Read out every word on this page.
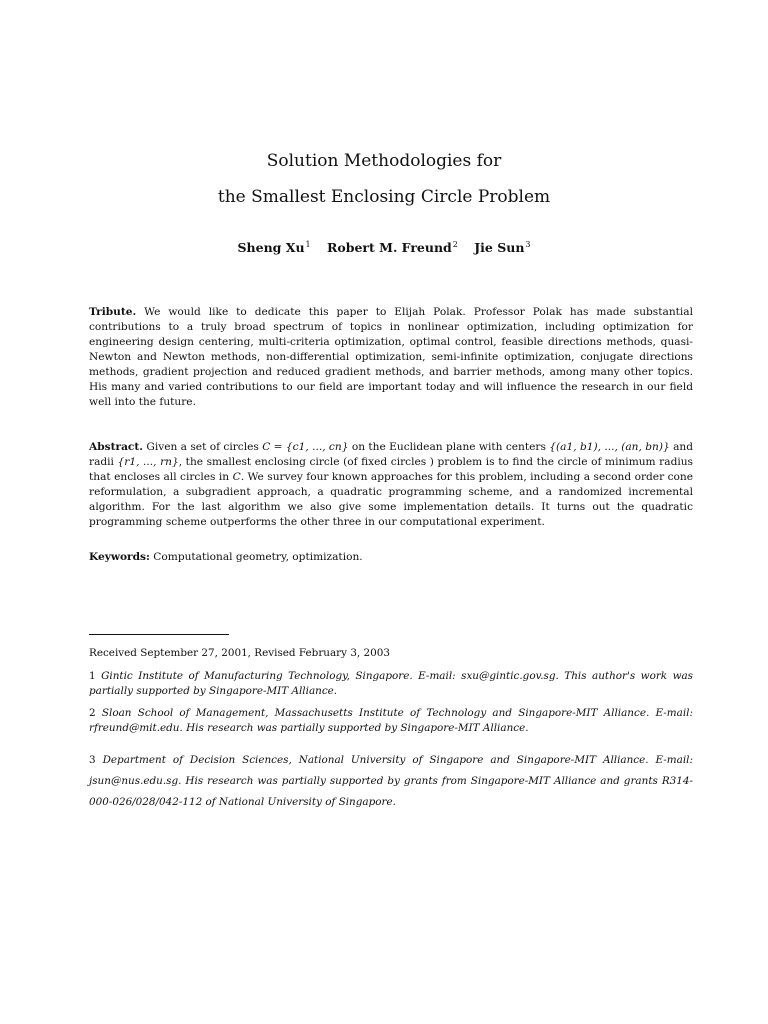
Solution Methodologies for
the Smallest Enclosing Circle Problem
Sheng Xu$^1$ Robert M. Freund$^2$ Jie Sun$^3$
Tribute. We would like to dedicate this paper to Elijah Polak. Professor Polak has made substantial contributions to a truly broad spectrum of topics in nonlinear optimization, including optimization for engineering design centering, multi-criteria optimization, optimal control, feasible directions methods, quasi-Newton and Newton methods, non-differential optimization, semi-infinite optimization, conjugate directions methods, gradient projection and reduced gradient methods, and barrier methods, among many other topics. His many and varied contributions to our field are important today and will influence the research in our field well into the future.
Abstract. Given a set of circles C = {c1, ..., cn} on the Euclidean plane with centers {(a1, b1), ..., (an, bn)} and radii {r1, ..., rn}, the smallest enclosing circle (of fixed circles ) problem is to find the circle of minimum radius that encloses all circles in C. We survey four known approaches for this problem, including a second order cone reformulation, a subgradient approach, a quadratic programming scheme, and a randomized incremental algorithm. For the last algorithm we also give some implementation details. It turns out the quadratic programming scheme outperforms the other three in our computational experiment.
Keywords: Computational geometry, optimization.
Received September 27, 2001, Revised February 3, 2003
1 Gintic Institute of Manufacturing Technology, Singapore. E-mail: sxu@gintic.gov.sg. This author's work was partially supported by Singapore-MIT Alliance.
2 Sloan School of Management, Massachusetts Institute of Technology and Singapore-MIT Alliance. E-mail: rfreund@mit.edu. His research was partially supported by Singapore-MIT Alliance.
3 Department of Decision Sciences, National University of Singapore and Singapore-MIT Alliance. E-mail: jsun@nus.edu.sg. His research was partially supported by grants from Singapore-MIT Alliance and grants R314-000-026/028/042-112 of National University of Singapore.
